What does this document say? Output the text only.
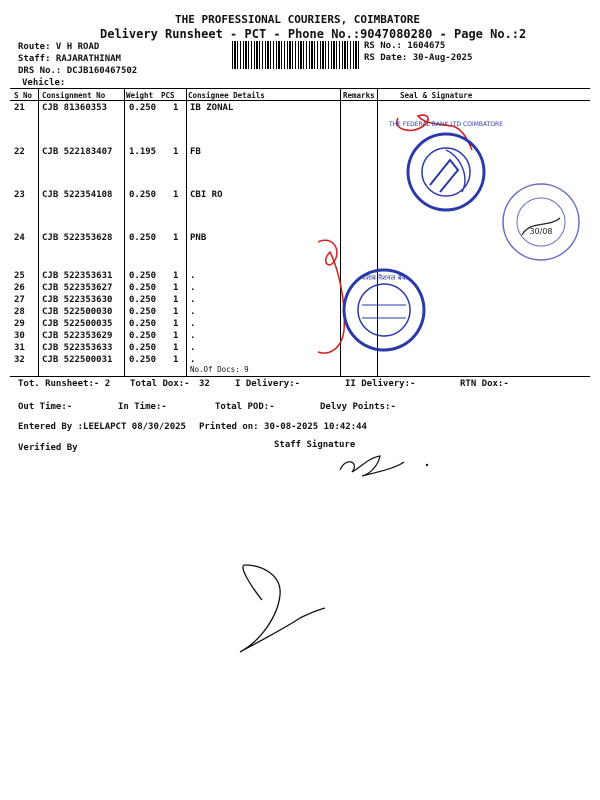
THE PROFESSIONAL COURIERS, COIMBATORE
Delivery Runsheet - PCT - Phone No.:9047080280 - Page No.:2
Route: V H ROAD
Staff: RAJARATHINAM
DRS No.: DCJB160467502
Vehicle:
RS No.: 1604675
RS Date: 30-Aug-2025
S No Consignment No	Weight PCS Consignee Details	Remarks	Seal & Signature
21 CJB 81360353 0.250 1 IB ZONAL
22 CJB 522183407 1.195 1 FB
23 CJB 522354108 0.250 1 CBI RO
24 CJB 522353628 0.250 1 PNB
25 CJB 522353631 0.250 1 .
26 CJB 522353627 0.250 1 .
27 CJB 522353630 0.250 1 .
28 CJB 522500030 0.250 1 .
29 CJB 522500035 0.250 1 .
30 CJB 522353629 0.250 1 .
31 CJB 522353633 0.250 1 .
32 CJB 522500031 0.250 1 .
No.Of Docs: 9
Tot. Runsheet:- 2 Total Dox:- 32	I Delivery:-	II Delivery:-	RTN Dox:-
Out Time:-	In Time:-	Total POD:-	Delvy Points:-
Entered By :LEELAPCT 08/30/2025 Printed on: 30-08-2025 10:42:44
Verified By	Staff Signature
THE FEDERAL BANK LTD COIMBATORE
30/08
पंजाब नैशनल बैंक
